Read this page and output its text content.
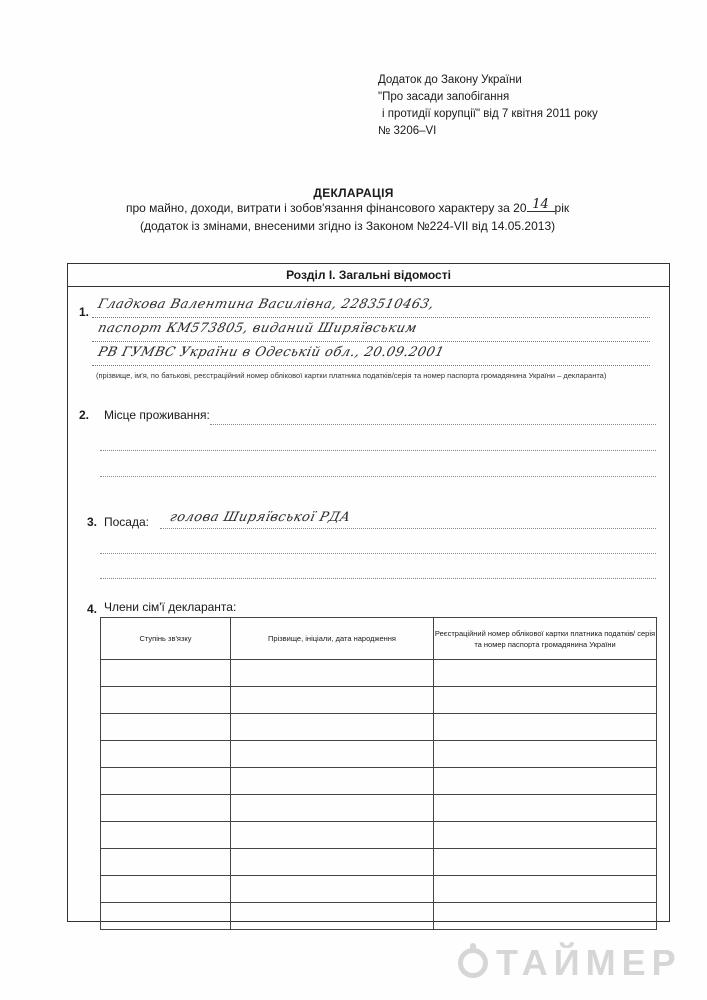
Додаток до Закону України
"Про засади запобігання
і протидії корупції" від 7 квітня 2011 року
№ 3206–VI
ДЕКЛАРАЦІЯ
про майно, доходи, витрати і зобов'язання фінансового характеру за 20 14 рік
(додаток із змінами, внесеними згідно із Законом №224-VII від 14.05.2013)
Розділ І. Загальні відомості
1. Гладкова Валентина Василівна, 2283510463,
паспорт КМ573805, виданий Ширяївським
РВ ГУМВС України в Одеській обл., 20.09.2001
(прізвище, ім'я, по батькові, реєстраційний номер облікової картки платника податків/серія та номер паспорта громадянина України – декларанта)
2. Місце проживання:
3. Посада: голова Ширяївської РДА
4. Члени сім'ї декларанта:
Ступінь зв'язку	Прізвище, ініціали, дата народження	Реєстраційний номер облікової картки платника податків/ серія та номер паспорта громадянина України

ТАЙМЕР
